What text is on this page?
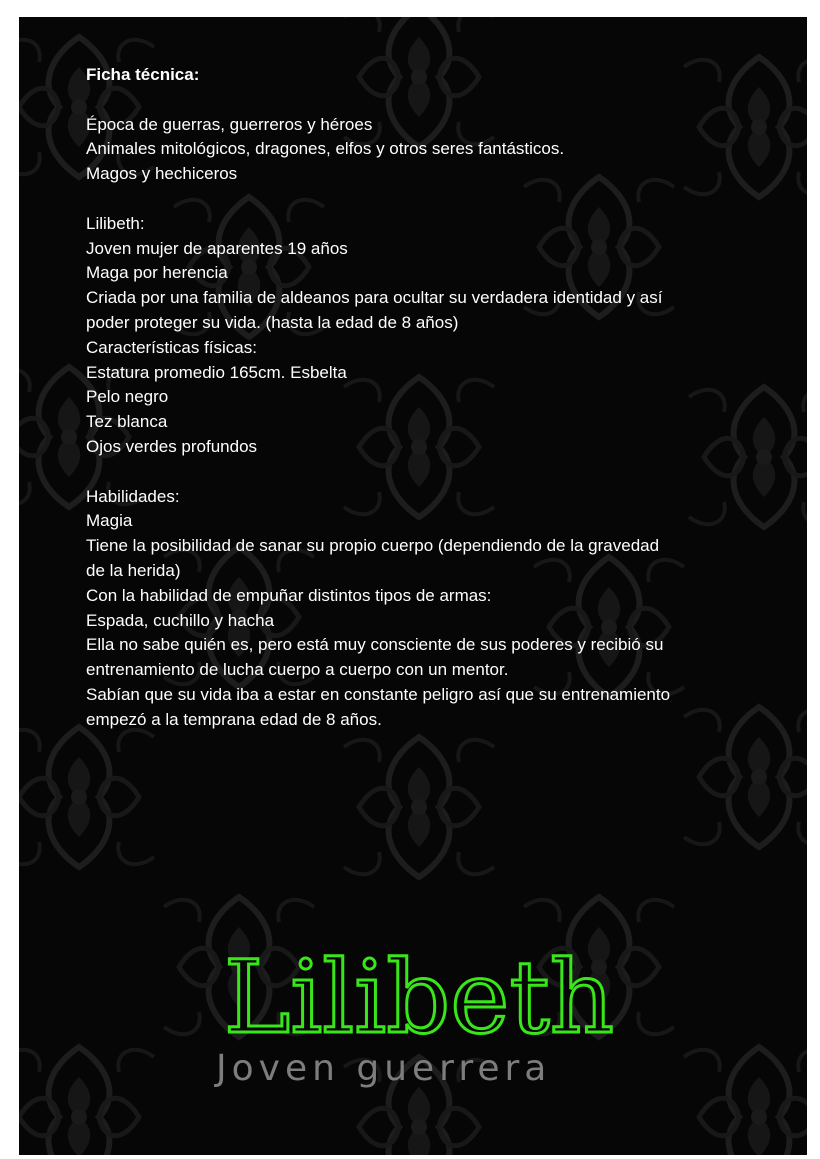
Ficha técnica:
Época de guerras, guerreros y héroes
Animales mitológicos, dragones, elfos y otros seres fantásticos.
Magos y hechiceros
Lilibeth:
Joven mujer de aparentes 19 años
Maga por herencia
Criada por una familia de aldeanos para ocultar su verdadera identidad y así
poder proteger su vida. (hasta la edad de 8 años)
Características físicas:
Estatura promedio 165cm. Esbelta
Pelo negro
Tez blanca
Ojos verdes profundos
Habilidades:
Magia
Tiene la posibilidad de sanar su propio cuerpo (dependiendo de la gravedad
de la herida)
Con la habilidad de empuñar distintos tipos de armas:
Espada, cuchillo y hacha
Ella no sabe quién es, pero está muy consciente de sus poderes y recibió su
entrenamiento de lucha cuerpo a cuerpo con un mentor.
Sabían que su vida iba a estar en constante peligro así que su entrenamiento
empezó a la temprana edad de 8 años.
Lilibeth
Joven guerrera
